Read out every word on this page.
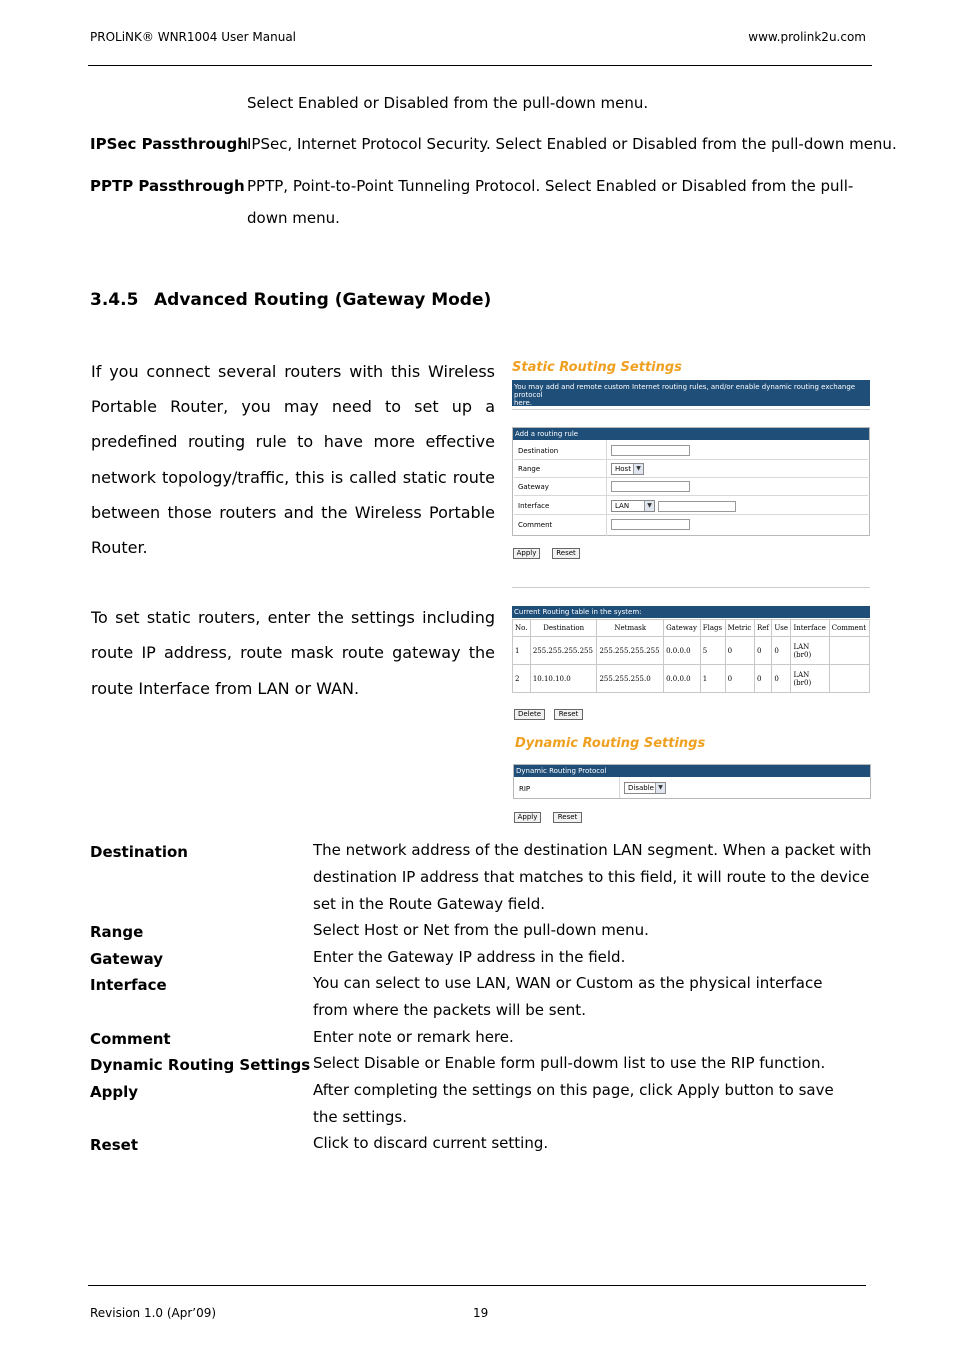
PROLiNK® WNR1004 User Manual	www.prolink2u.com
Select Enabled or Disabled from the pull-down menu.
IPSec Passthrough IPSec, Internet Protocol Security. Select Enabled or Disabled from the pull-down menu.
PPTP Passthrough PPTP, Point-to-Point Tunneling Protocol. Select Enabled or Disabled from the pull-
down menu.
3.4.5 Advanced Routing (Gateway Mode)
If you connect several routers with this Wireless
Portable Router, you may need to set up a
predefined routing rule to have more effective
network topology/traffic, this is called static route
between those routers and the Wireless Portable
Router.
To set static routers, enter the settings including
route IP address, route mask route gateway the
route Interface from LAN or WAN.
Static Routing Settings
You may add and remote custom Internet routing rules, and/or enable dynamic routing exchange protocol
here.
Add a routing rule
Destination
Range	Host ▼
Gateway
Interface	LAN	▼
Comment
Apply	Reset
Current Routing table in the system:
No.	Destination	Netmask	Gateway	Flags	Metric	Ref	Use	Interface	Comment
1	255.255.255.255	255.255.255.255	0.0.0.0	5	0	0	0	LAN
(br0)	

2	10.10.10.0	255.255.255.0	0.0.0.0	1	0	0	0	LAN
(br0)	

Delete	Reset
Dynamic Routing Settings
Dynamic Routing Protocol
RIP	Disable ▼
Apply	Reset
Destination	The network address of the destination LAN segment. When a packet with destination IP address that matches to this field, it will route to the device set in the Route Gateway field.
Range	Select Host or Net from the pull-down menu.
Gateway	Enter the Gateway IP address in the field.
Interface	You can select to use LAN, WAN or Custom as the physical interface from where the packets will be sent.
Comment	Enter note or remark here.
Dynamic Routing Settings Select Disable or Enable form pull-dowm list to use the RIP function.
Apply	After completing the settings on this page, click Apply button to save the settings.
Reset	Click to discard current setting.
Revision 1.0 (Apr’09)	19
